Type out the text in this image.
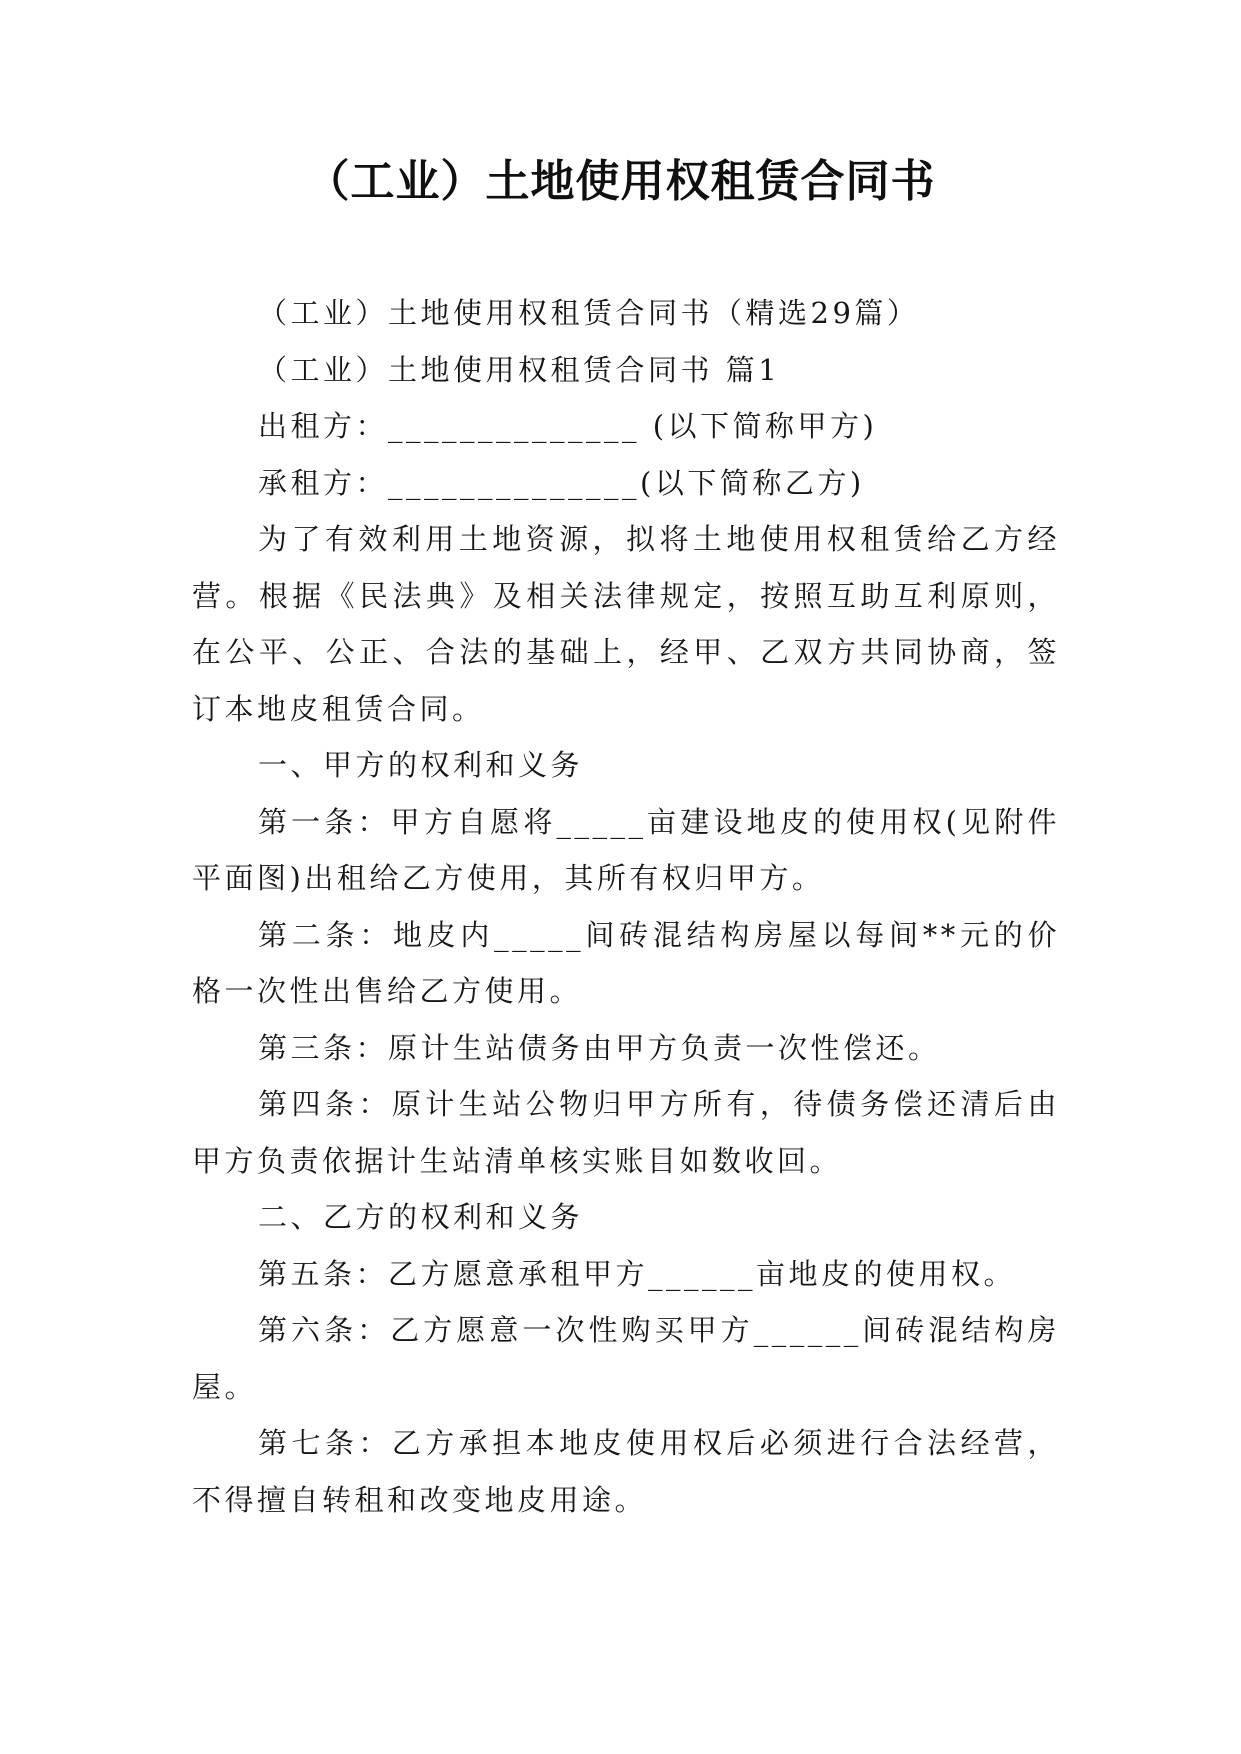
（工业）土地使用权租赁合同书

（工业）土地使用权租赁合同书（精选29篇）

（工业）土地使用权租赁合同书 篇1

出租方：______________ (以下简称甲方)

承租方：______________(以下简称乙方)

为了有效利用土地资源，拟将土地使用权租赁给乙方经营。根据《民法典》及相关法律规定，按照互助互利原则，在公平、公正、合法的基础上，经甲、乙双方共同协商，签订本地皮租赁合同。

一、甲方的权利和义务

第一条：甲方自愿将_____亩建设地皮的使用权(见附件平面图)出租给乙方使用，其所有权归甲方。

第二条：地皮内_____间砖混结构房屋以每间**元的价格一次性出售给乙方使用。

第三条：原计生站债务由甲方负责一次性偿还。

第四条：原计生站公物归甲方所有，待债务偿还清后由甲方负责依据计生站清单核实账目如数收回。

二、乙方的权利和义务

第五条：乙方愿意承租甲方______亩地皮的使用权。

第六条：乙方愿意一次性购买甲方______间砖混结构房屋。

第七条：乙方承担本地皮使用权后必须进行合法经营，不得擅自转租和改变地皮用途。
